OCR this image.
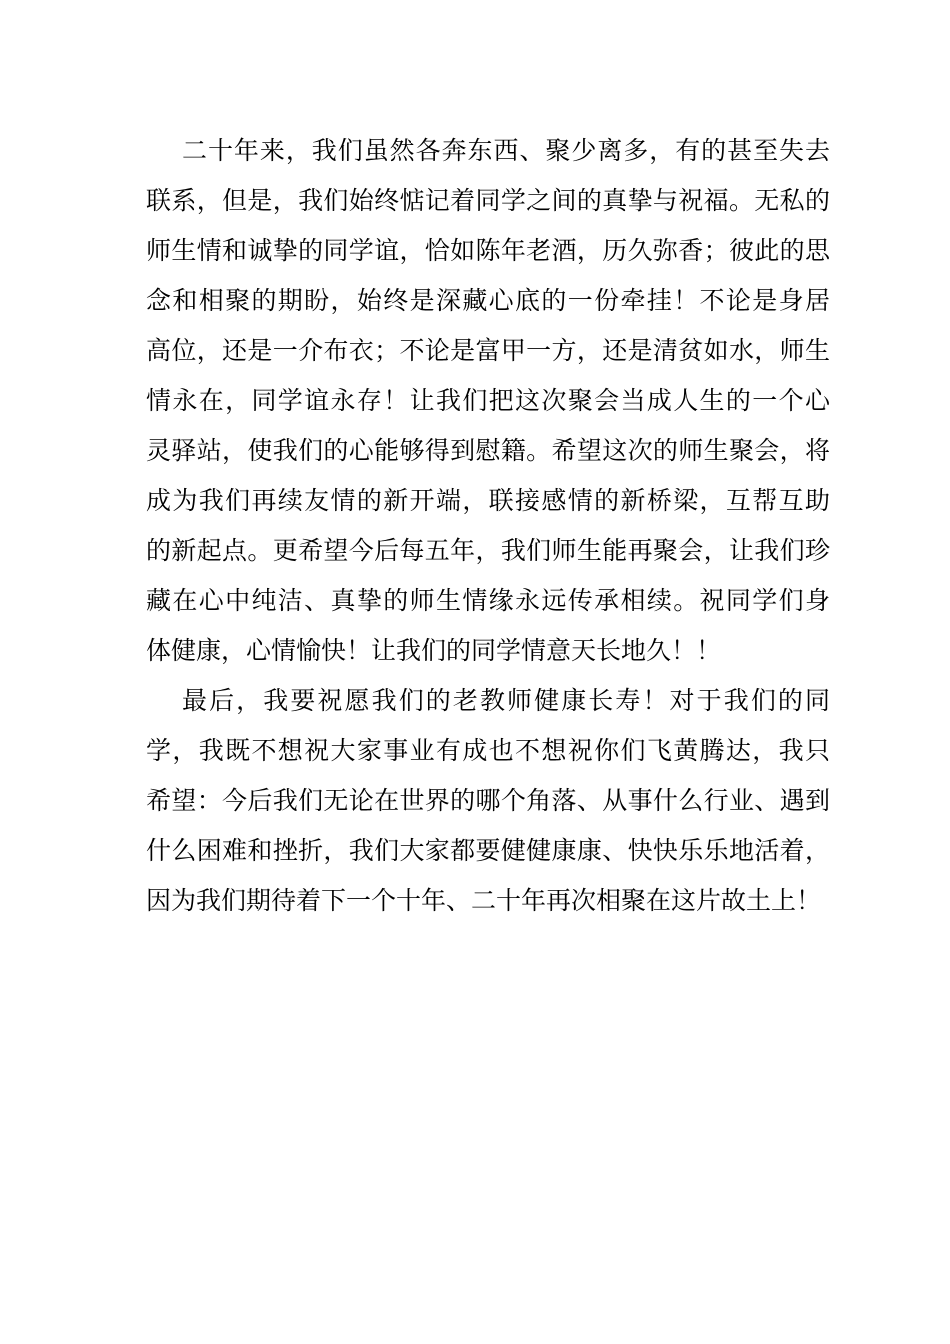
二十年来，我们虽然各奔东西、聚少离多，有的甚至失去
联系，但是，我们始终惦记着同学之间的真挚与祝福。无私的
师生情和诚挚的同学谊，恰如陈年老酒，历久弥香；彼此的思
念和相聚的期盼，始终是深藏心底的一份牵挂！不论是身居
高位，还是一介布衣；不论是富甲一方，还是清贫如水，师生
情永在，同学谊永存！让我们把这次聚会当成人生的一个心
灵驿站，使我们的心能够得到慰籍。希望这次的师生聚会，将
成为我们再续友情的新开端，联接感情的新桥梁，互帮互助
的新起点。更希望今后每五年，我们师生能再聚会，让我们珍
藏在心中纯洁、真挚的师生情缘永远传承相续。祝同学们身
体健康，心情愉快！让我们的同学情意天长地久！！

最后，我要祝愿我们的老教师健康长寿！对于我们的同
学，我既不想祝大家事业有成也不想祝你们飞黄腾达，我只
希望：今后我们无论在世界的哪个角落、从事什么行业、遇到
什么困难和挫折，我们大家都要健健康康、快快乐乐地活着，
因为我们期待着下一个十年、二十年再次相聚在这片故土上！
